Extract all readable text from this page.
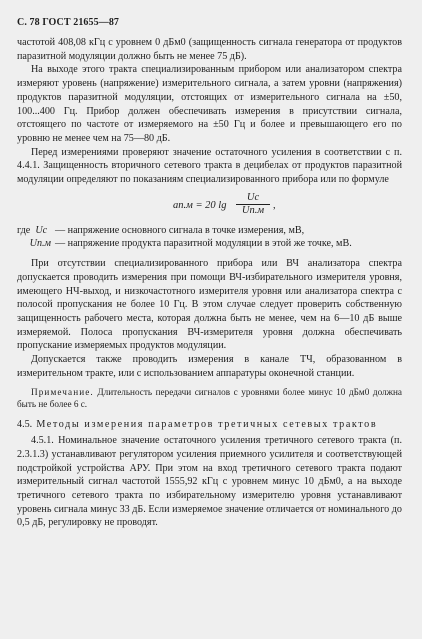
С. 78 ГОСТ 21655—87

частотой 408,08 кГц с уровнем 0 дБм0 (защищенность сигнала генератора от продуктов паразитной модуляции должно быть не менее 75 дБ).

На выходе этого тракта специализированным прибором или анализатором спектра измеряют уровень (напряжение) измерительного сигнала, а затем уровни (напряжения) продуктов паразитной модуляции, отстоящих от измерительного сигнала на ±50, 100...400 Гц. Прибор должен обеспечивать измерения в присутствии сигнала, отстоящего по частоте от измеряемого на ±50 Гц и более и превышающего его по уровню не менее чем на 75—80 дБ.

Перед измерениями проверяют значение остаточного усиления в соответствии с п. 4.4.1. Защищенность вторичного сетевого тракта в децибелах от продуктов паразитной модуляции определяют по показаниям специализированного прибора или по формуле

aп.м = 20 lg
Uс
Uп.м ,
где Uс — напряжение основного сигнала в точке измерения, мВ,
Uп.м — напряжение продукта паразитной модуляции в этой же точке, мВ.

При отсутствии специализированного прибора или ВЧ анализатора спектра допускается проводить измерения при помощи ВЧ-избирательного измерителя уровня, имеющего НЧ-выход, и низкочастотного измерителя уровня или анализатора спектра с полосой пропускания не более 10 Гц. В этом случае следует проверить собственную защищенность рабочего места, которая должна быть не менее, чем на 6—10 дБ выше измеряемой. Полоса пропускания ВЧ-измерителя уровня должна обеспечивать пропускание измеряемых продуктов модуляции.

Допускается также проводить измерения в канале ТЧ, образованном в измерительном тракте, или с использованием аппаратуры оконечной станции.

Примечание. Длительность передачи сигналов с уровнями более минус 10 дБм0 должна быть не более 6 с.
4.5. Методы измерения параметров третичных сетевых трактов

4.5.1. Номинальное значение остаточного усиления третичного сетевого тракта (п. 2.3.1.3) устанавливают регулятором усиления приемного усилителя и соответствующей подстройкой устройства АРУ. При этом на вход третичного сетевого тракта подают измерительный сигнал частотой 1555,92 кГц с уровнем минус 10 дБм0, а на выходе третичного сетевого тракта по избирательному измерителю уровня устанавливают уровень сигнала минус 33 дБ. Если измеряемое значение отличается от номинального до 0,5 дБ, регулировку не проводят.
